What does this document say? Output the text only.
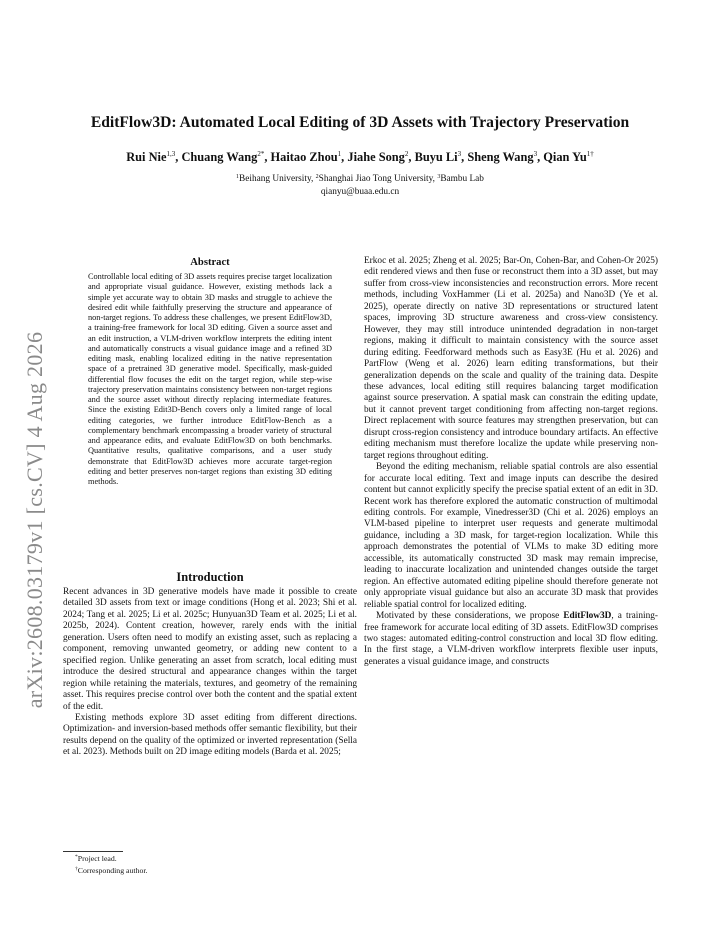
arXiv:2608.03179v1 [cs.CV] 4 Aug 2026
EditFlow3D: Automated Local Editing of 3D Assets with Trajectory Preservation
Rui Nie$^{1,3}$, Chuang Wang$^{2*}$, Haitao Zhou$^1$, Jiahe Song$^2$, Buyu Li$^3$, Sheng Wang$^3$, Qian $Yu^{1\dagger}$
$^1$Beihang University, $^2$Shanghai Jiao Tong University, $^3$Bambu Lab
qianyu@buaa.edu.cn
Abstract
Controllable local editing of 3D assets requires precise target localization and appropriate visual guidance. However, existing methods lack a simple yet accurate way to obtain 3D masks and struggle to achieve the desired edit while faithfully preserving the structure and appearance of non-target regions. To address these challenges, we present EditFlow3D, a training-free framework for local 3D editing. Given a source asset and an edit instruction, a VLM-driven workflow interprets the editing intent and automatically constructs a visual guidance image and a refined 3D editing mask, enabling localized editing in the native representation space of a pretrained 3D generative model. Specifically, mask-guided differential flow focuses the edit on the target region, while step-wise trajectory preservation maintains consistency between non-target regions and the source asset without directly replacing intermediate features. Since the existing Edit3D-Bench covers only a limited range of local editing categories, we further introduce EditFlow-Bench as a complementary benchmark encompassing a broader variety of structural and appearance edits, and evaluate EditFlow3D on both benchmarks. Quantitative results, qualitative comparisons, and a user study demonstrate that EditFlow3D achieves more accurate target-region editing and better preserves non-target regions than existing 3D editing methods.
Introduction

Recent advances in 3D generative models have made it possible to create detailed 3D assets from text or image conditions (Hong et al. 2023; Shi et al. 2024; Tang et al. 2025; Li et al. 2025c; Hunyuan3D Team et al. 2025; Li et al. 2025b, 2024). Content creation, however, rarely ends with the initial generation. Users often need to modify an existing asset, such as replacing a component, removing unwanted geometry, or adding new content to a specified region. Unlike generating an asset from scratch, local editing must introduce the desired structural and appearance changes within the target region while retaining the materials, textures, and geometry of the remaining asset. This requires precise control over both the content and the spatial extent of the edit.

Existing methods explore 3D asset editing from different directions. Optimization- and inversion-based methods offer semantic flexibility, but their results depend on the quality of the optimized or inverted representation (Sella et al. 2023). Methods built on 2D image editing models (Barda et al. 2025;

Erkoc et al. 2025; Zheng et al. 2025; Bar-On, Cohen-Bar, and Cohen-Or 2025) edit rendered views and then fuse or reconstruct them into a 3D asset, but may suffer from cross-view inconsistencies and reconstruction errors. More recent methods, including VoxHammer (Li et al. 2025a) and Nano3D (Ye et al. 2025), operate directly on native 3D representations or structured latent spaces, improving 3D structure awareness and cross-view consistency. However, they may still introduce unintended degradation in non-target regions, making it difficult to maintain consistency with the source asset during editing. Feedforward methods such as Easy3E (Hu et al. 2026) and PartFlow (Weng et al. 2026) learn editing transformations, but their generalization depends on the scale and quality of the training data. Despite these advances, local editing still requires balancing target modification against source preservation. A spatial mask can constrain the editing update, but it cannot prevent target conditioning from affecting non-target regions. Direct replacement with source features may strengthen preservation, but can disrupt cross-region consistency and introduce boundary artifacts. An effective editing mechanism must therefore localize the update while preserving non-target regions throughout editing.

Beyond the editing mechanism, reliable spatial controls are also essential for accurate local editing. Text and image inputs can describe the desired content but cannot explicitly specify the precise spatial extent of an edit in 3D. Recent work has therefore explored the automatic construction of multimodal editing controls. For example, Vinedresser3D (Chi et al. 2026) employs an VLM-based pipeline to interpret user requests and generate multimodal guidance, including a 3D mask, for target-region localization. While this approach demonstrates the potential of VLMs to make 3D editing more accessible, its automatically constructed 3D mask may remain imprecise, leading to inaccurate localization and unintended changes outside the target region. An effective automated editing pipeline should therefore generate not only appropriate visual guidance but also an accurate 3D mask that provides reliable spatial control for localized editing.

Motivated by these considerations, we propose EditFlow3D, a training-free framework for accurate local editing of 3D assets. EditFlow3D comprises two stages: automated editing-control construction and local 3D flow editing. In the first stage, a VLM-driven workflow interprets flexible user inputs, generates a visual guidance image, and constructs

*Project lead.
†Corresponding author.
